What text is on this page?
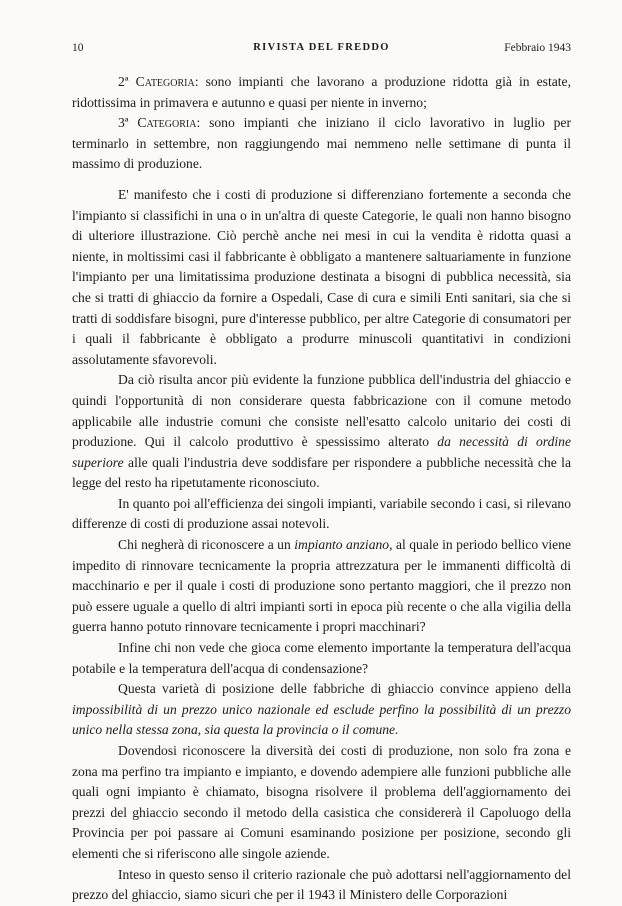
10	RIVISTA DEL FREDDO	Febbraio 1943

2ª Categoria: sono impianti che lavorano a produzione ridotta già in estate, ridottissima in primavera e autunno e quasi per niente in inverno;

3ª Categoria: sono impianti che iniziano il ciclo lavorativo in luglio per terminarlo in settembre, non raggiungendo mai nemmeno nelle settimane di punta il massimo di produzione.

E' manifesto che i costi di produzione si differenziano fortemente a seconda che l'impianto si classifichi in una o in un'altra di queste Categorie, le quali non hanno bisogno di ulteriore illustrazione. Ciò perchè anche nei mesi in cui la vendita è ridotta quasi a niente, in moltissimi casi il fabbricante è obbligato a mantenere saltuariamente in funzione l'impianto per una limitatissima produzione destinata a bisogni di pubblica necessità, sia che si tratti di ghiaccio da fornire a Ospedali, Case di cura e simili Enti sanitari, sia che si tratti di soddisfare bisogni, pure d'interesse pubblico, per altre Categorie di consumatori per i quali il fabbricante è obbligato a produrre minuscoli quantitativi in condizioni assolutamente sfavorevoli.

Da ciò risulta ancor più evidente la funzione pubblica dell'industria del ghiaccio e quindi l'opportunità di non considerare questa fabbricazione con il comune metodo applicabile alle industrie comuni che consiste nell'esatto calcolo unitario dei costi di produzione. Qui il calcolo produttivo è spessissimo alterato da necessità di ordine superiore alle quali l'industria deve soddisfare per rispondere a pubbliche necessità che la legge del resto ha ripetutamente riconosciuto.

In quanto poi all'efficienza dei singoli impianti, variabile secondo i casi, si rilevano differenze di costi di produzione assai notevoli.

Chi negherà di riconoscere a un impianto anziano, al quale in periodo bellico viene impedito di rinnovare tecnicamente la propria attrezzatura per le immanenti difficoltà di macchinario e per il quale i costi di produzione sono pertanto maggiori, che il prezzo non può essere uguale a quello di altri impianti sorti in epoca più recente o che alla vigilia della guerra hanno potuto rinnovare tecnicamente i propri macchinari?

Infine chi non vede che gioca come elemento importante la temperatura dell'acqua potabile e la temperatura dell'acqua di condensazione?

Questa varietà di posizione delle fabbriche di ghiaccio convince appieno della impossibilità di un prezzo unico nazionale ed esclude perfino la possibilità di un prezzo unico nella stessa zona, sia questa la provincia o il comune.

Dovendosi riconoscere la diversità dei costi di produzione, non solo fra zona e zona ma perfino tra impianto e impianto, e dovendo adempiere alle funzioni pubbliche alle quali ogni impianto è chiamato, bisogna risolvere il problema dell'aggiornamento dei prezzi del ghiaccio secondo il metodo della casistica che considererà il Capoluogo della Provincia per poi passare ai Comuni esaminando posizione per posizione, secondo gli elementi che si riferiscono alle singole aziende.

Inteso in questo senso il criterio razionale che può adottarsi nell'aggiornamento del prezzo del ghiaccio, siamo sicuri che per il 1943 il Ministero delle Corporazioni
